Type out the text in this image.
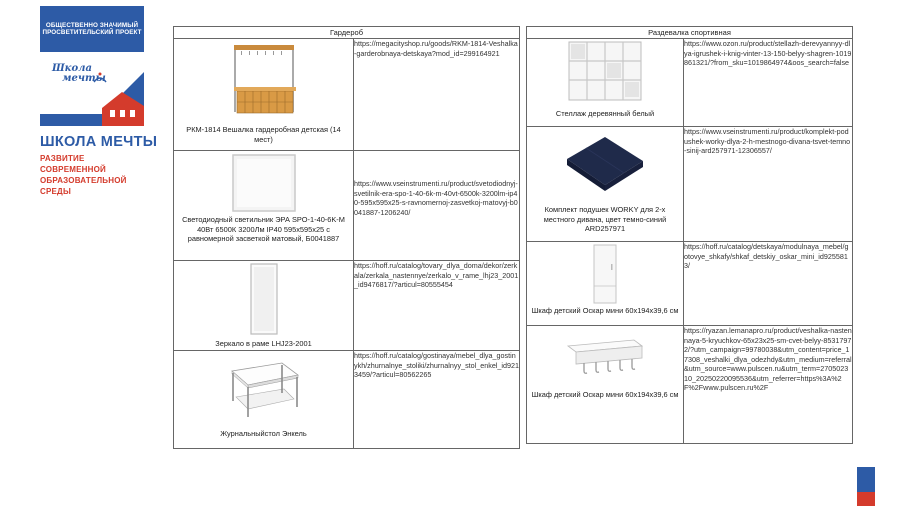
ОБЩЕСТВЕННО ЗНАЧИМЫЙ
ПРОСВЕТИТЕЛЬСКИЙ ПРОЕКТ
Школа
мечты
ШКОЛА МЕЧТЫ
РАЗВИТИЕ СОВРЕМЕННОЙ
ОБРАЗОВАТЕЛЬНОЙ СРЕДЫ
Гардероб	

РКМ-1814 Вешалка гардеробная детская (14 мест)	https://megacityshop.ru/goods/RKM-1814-Veshalka-garderobnaya-detskaya?mod_id=299164921

Светодиодный светильник ЭРА SPO-1-40-6K-M 40Вт 6500К 3200Лм IP40 595x595x25 с равномерной засветкой матовый, Б0041887	https://www.vseinstrumenti.ru/product/svetodiodnyj-svetilnik-era-spo-1-40-6k-m-40vt-6500k-3200lm-ip40-595x595x25-s-ravnomernoj-zasvetkoj-matovyj-b0041887-1206240/

Зеркало в раме LHJ23-2001	https://hoff.ru/catalog/tovary_dlya_doma/dekor/zerkala/zerkala_nastennye/zerkalo_v_rame_lhj23_2001_id9476817/?articul=80555454

Журнальныйстол Энкель	https://hoff.ru/catalog/gostinaya/mebel_dlya_gostinykh/zhurnalnye_stoliki/zhurnalnyy_stol_enkel_id9213459/?articul=80562265
Раздевалка спортивная	

Стеллаж деревянный белый	https://www.ozon.ru/product/stellazh-derevyannyy-dlya-igrushek-i-knig-vinter-13-150-belyy-shagren-1019861321/?from_sku=1019864974&oos_search=false

Комплект подушек WORKY для 2-х местного дивана, цвет темно-синий ARD257971	https://www.vseinstrumenti.ru/product/komplekt-podushek-worky-dlya-2-h-mestnogo-divana-tsvet-temno-sinij-ard257971-12306557/

Шкаф детский Оскар мини 60х194х39,6 см	https://hoff.ru/catalog/detskaya/modulnaya_mebel/gotovye_shkafy/shkaf_detskiy_oskar_mini_id9255813/

Шкаф детский Оскар мини 60х194х39,6 см	https://ryazan.lemanapro.ru/product/veshalka-nastennaya-5-kryuchkov-65x23x25-sm-cvet-belyy-85317972/?utm_campaign=99780038&utm_content=price_17308_veshalki_dlya_odezhdy&utm_medium=referral&utm_source=www.pulscen.ru&utm_term=270502310_20250220095536&utm_referrer=https%3A%2F%2Fwww.pulscen.ru%2F
